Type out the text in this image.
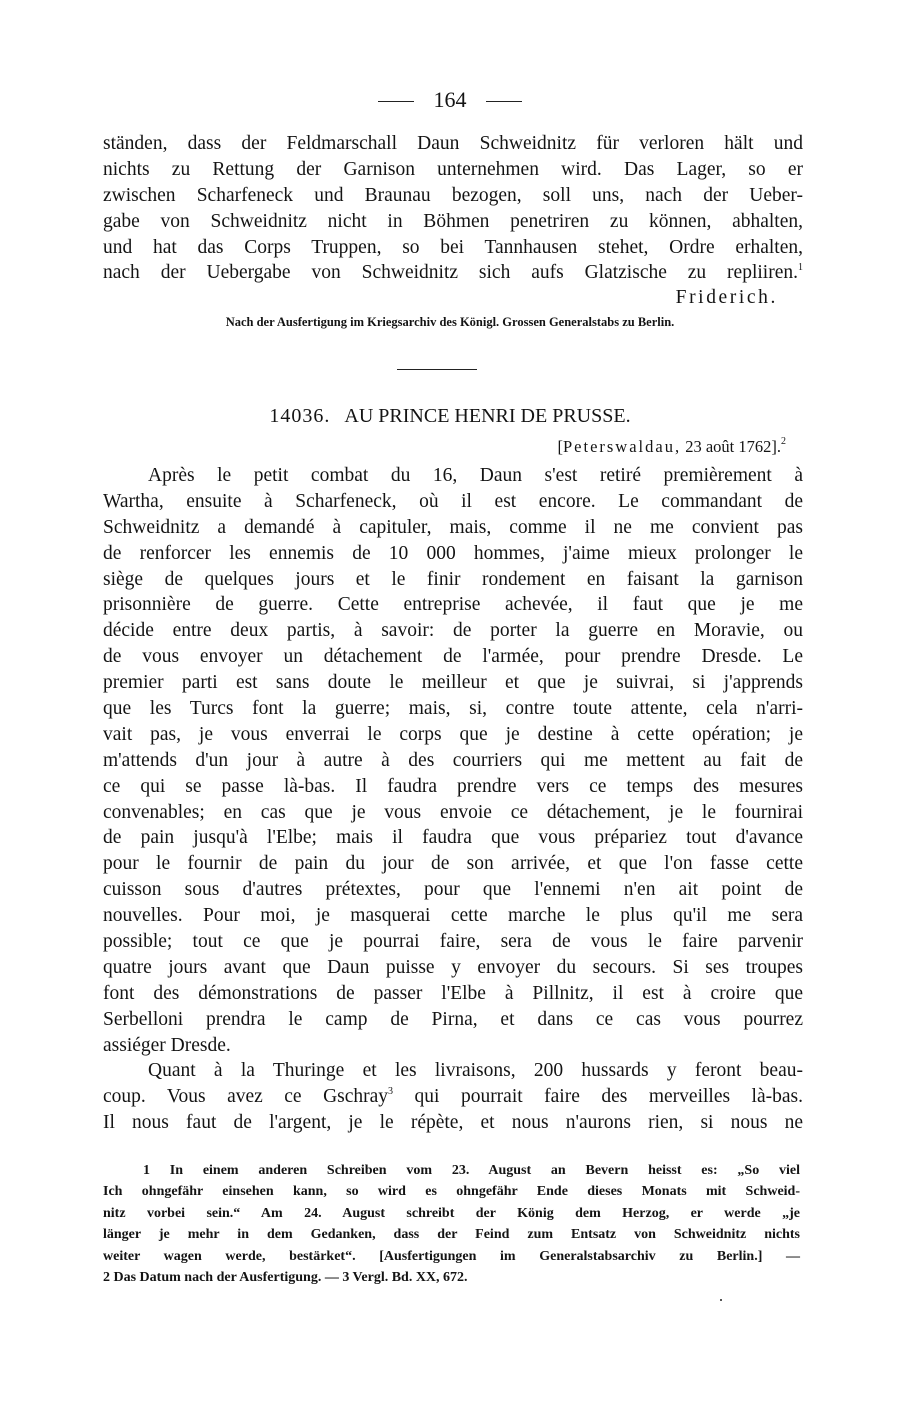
164
ständen, dass der Feldmarschall Daun Schweidnitz für verloren hält und
nichts zu Rettung der Garnison unternehmen wird. Das Lager, so er
zwischen Scharfeneck und Braunau bezogen, soll uns, nach der Ueber-
gabe von Schweidnitz nicht in Böhmen penetriren zu können, abhalten,
und hat das Corps Truppen, so bei Tannhausen stehet, Ordre erhalten,
nach der Uebergabe von Schweidnitz sich aufs Glatzische zu repliiren.$^1$
Friderich.
Nach der Ausfertigung im Kriegsarchiv des Königl. Grossen Generalstabs zu Berlin.
14036. AU PRINCE HENRI DE PRUSSE.
[Peterswaldau, 23 août 1762].$^2$
Après le petit combat du 16, Daun s'est retiré premièrement à
Wartha, ensuite à Scharfeneck, où il est encore. Le commandant de
Schweidnitz a demandé à capituler, mais, comme il ne me convient pas
de renforcer les ennemis de 10 000 hommes, j'aime mieux prolonger le
siège de quelques jours et le finir rondement en faisant la garnison
prisonnière de guerre. Cette entreprise achevée, il faut que je me
décide entre deux partis, à savoir: de porter la guerre en Moravie, ou
de vous envoyer un détachement de l'armée, pour prendre Dresde. Le
premier parti est sans doute le meilleur et que je suivrai, si j'apprends
que les Turcs font la guerre; mais, si, contre toute attente, cela n'arri-
vait pas, je vous enverrai le corps que je destine à cette opération; je
m'attends d'un jour à autre à des courriers qui me mettent au fait de
ce qui se passe là-bas. Il faudra prendre vers ce temps des mesures
convenables; en cas que je vous envoie ce détachement, je le fournirai
de pain jusqu'à l'Elbe; mais il faudra que vous prépariez tout d'avance
pour le fournir de pain du jour de son arrivée, et que l'on fasse cette
cuisson sous d'autres prétextes, pour que l'ennemi n'en ait point de
nouvelles. Pour moi, je masquerai cette marche le plus qu'il me sera
possible; tout ce que je pourrai faire, sera de vous le faire parvenir
quatre jours avant que Daun puisse y envoyer du secours. Si ses troupes
font des démonstrations de passer l'Elbe à Pillnitz, il est à croire que
Serbelloni prendra le camp de Pirna, et dans ce cas vous pourrez
assiéger Dresde.
Quant à la Thuringe et les livraisons, 200 hussards y feront beau-
coup. Vous avez ce Gschray$^3$ qui pourrait faire des merveilles là-bas.
Il nous faut de l'argent, je le répète, et nous n'aurons rien, si nous ne
1 In einem anderen Schreiben vom 23. August an Bevern heisst es: „So viel
Ich ohngefähr einsehen kann, so wird es ohngefähr Ende dieses Monats mit Schweid-
nitz vorbei sein.“ Am 24. August schreibt der König dem Herzog, er werde „je
länger je mehr in dem Gedanken, dass der Feind zum Entsatz von Schweidnitz nichts
weiter wagen werde, bestärket“. [Ausfertigungen im Generalstabsarchiv zu Berlin.] —
2 Das Datum nach der Ausfertigung. — 3 Vergl. Bd. XX, 672.
